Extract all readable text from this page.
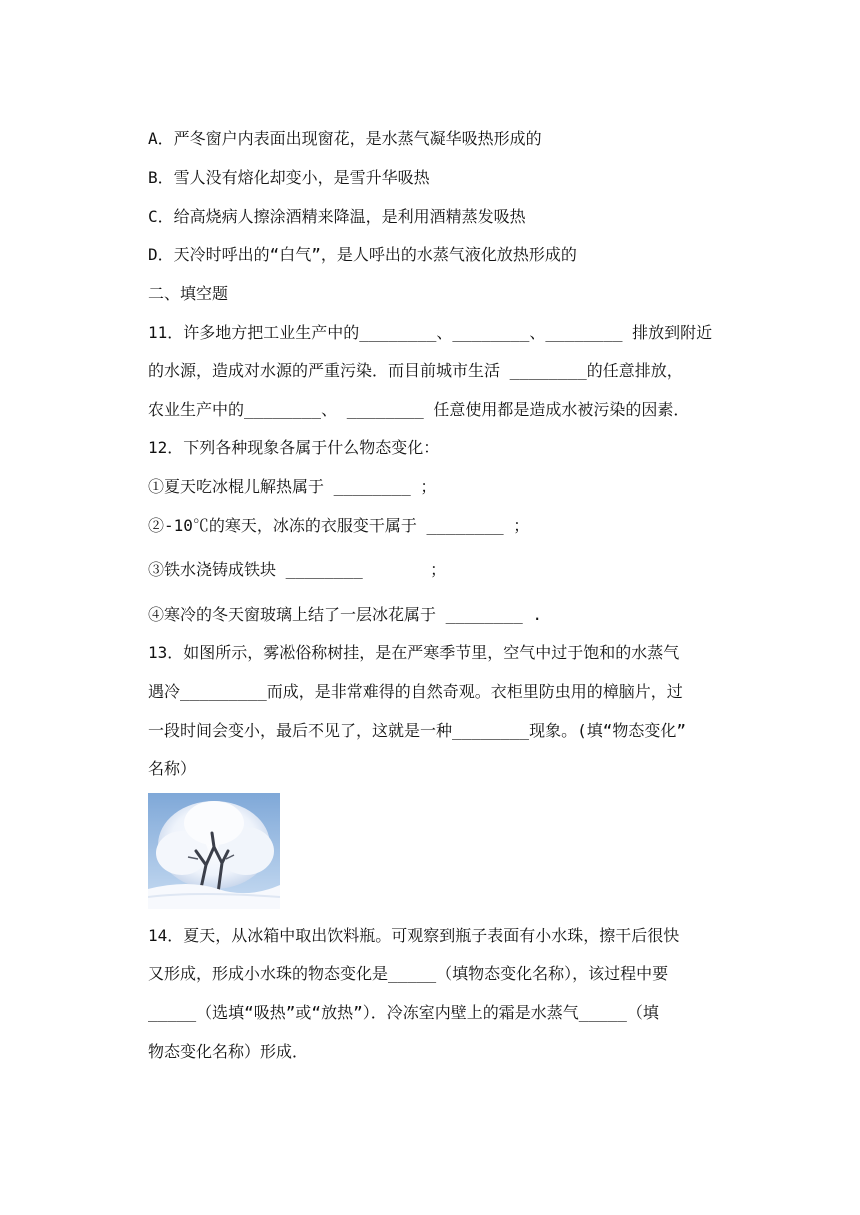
A．严冬窗户内表面出现窗花，是水蒸气凝华吸热形成的
B．雪人没有熔化却变小，是雪升华吸热
C．给高烧病人擦涂酒精来降温，是利用酒精蒸发吸热
D．天冷时呼出的“白气”，是人呼出的水蒸气液化放热形成的
二、填空题
11．许多地方把工业生产中的________、________、________ 排放到附近
的水源，造成对水源的严重污染．而目前城市生活 ________的任意排放，
农业生产中的________、 ________ 任意使用都是造成水被污染的因素．
12．下列各种现象各属于什么物态变化：
①夏天吃冰棍儿解热属于 ________ ；
②-10℃的寒天，冰冻的衣服变干属于 ________ ；
③铁水浇铸成铁块 ________       ；
④寒冷的冬天窗玻璃上结了一层冰花属于 ________ .
13．如图所示，雾凇俗称树挂，是在严寒季节里，空气中过于饱和的水蒸气
遇冷_________而成，是非常难得的自然奇观。衣柜里防虫用的樟脑片，过
一段时间会变小，最后不见了，这就是一种________现象。(填“物态变化”
名称）
14．夏天，从冰箱中取出饮料瓶。可观察到瓶子表面有小水珠，擦干后很快
又形成，形成小水珠的物态变化是_____（填物态变化名称），该过程中要
_____（选填“吸热”或“放热”）．冷冻室内壁上的霜是水蒸气_____（填
物态变化名称）形成．
